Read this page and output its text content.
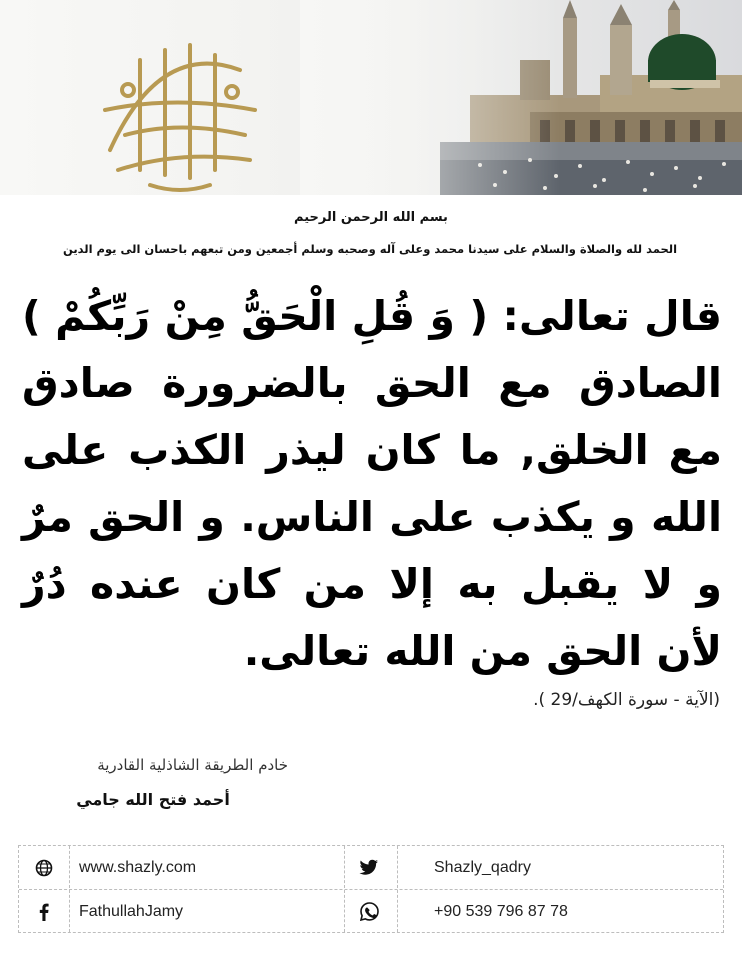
بسم الله الرحمن الرحيم
الحمد لله والصلاة والسلام على سيدنا محمد وعلى آله وصحبه وسلم أجمعين ومن تبعهم باحسان الى يوم الدين
قال تعالى: ( وَ قُلِ الْحَقُّ مِنْ رَبِّكُمْ ) الصادق مع الحق بالضرورة صادق مع الخلق, ما كان ليذر الكذب على الله و يكذب على الناس. و الحق مرٌ و لا يقبل به إلا من كان عنده دُرٌ لأن الحق من الله تعالى.
(الآية - سورة الكهف/29 ).
خادم الطريقة الشاذلية القادرية
أحمد فتح الله جامي
www.shazly.com	Shazly_qadry
FathullahJamy	+90 539 796 87 78
